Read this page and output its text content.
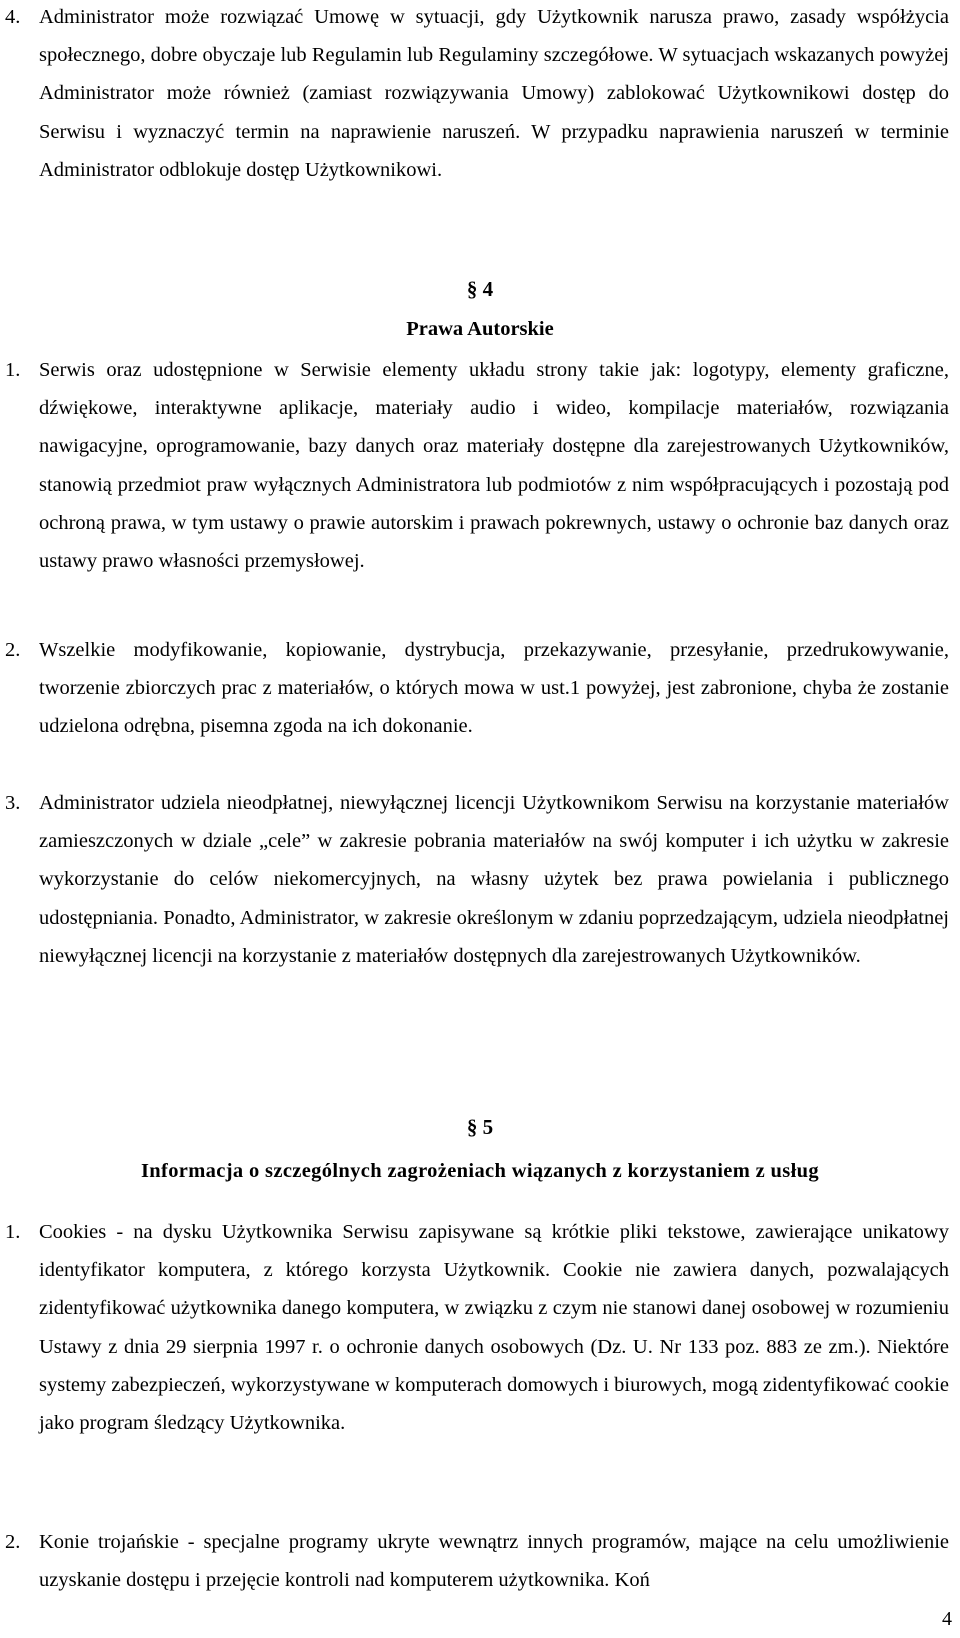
4. Administrator może rozwiązać Umowę w sytuacji, gdy Użytkownik narusza prawo, zasady współżycia społecznego, dobre obyczaje lub Regulamin lub Regulaminy szczegółowe. W sytuacjach wskazanych powyżej Administrator może również (zamiast rozwiązywania Umowy) zablokować Użytkownikowi dostęp do Serwisu i wyznaczyć termin na naprawienie naruszeń. W przypadku naprawienia naruszeń w terminie Administrator odblokuje dostęp Użytkownikowi.

§ 4
Prawa Autorskie

1. Serwis oraz udostępnione w Serwisie elementy układu strony takie jak: logotypy, elementy graficzne, dźwiękowe, interaktywne aplikacje, materiały audio i wideo, kompilacje materiałów, rozwiązania nawigacyjne, oprogramowanie, bazy danych oraz materiały dostępne dla zarejestrowanych Użytkowników, stanowią przedmiot praw wyłącznych Administratora lub podmiotów z nim współpracujących i pozostają pod ochroną prawa, w tym ustawy o prawie autorskim i prawach pokrewnych, ustawy o ochronie baz danych oraz ustawy prawo własności przemysłowej.

2. Wszelkie modyfikowanie, kopiowanie, dystrybucja, przekazywanie, przesyłanie, przedrukowywanie, tworzenie zbiorczych prac z materiałów, o których mowa w ust.1 powyżej, jest zabronione, chyba że zostanie udzielona odrębna, pisemna zgoda na ich dokonanie.

3. Administrator udziela nieodpłatnej, niewyłącznej licencji Użytkownikom Serwisu na korzystanie materiałów zamieszczonych w dziale „cele” w zakresie pobrania materiałów na swój komputer i ich użytku w zakresie wykorzystanie do celów niekomercyjnych, na własny użytek bez prawa powielania i publicznego udostępniania. Ponadto, Administrator, w zakresie określonym w zdaniu poprzedzającym, udziela nieodpłatnej niewyłącznej licencji na korzystanie z materiałów dostępnych dla zarejestrowanych Użytkowników.

§ 5
Informacja o szczególnych zagrożeniach wiązanych z korzystaniem z usług

1. Cookies - na dysku Użytkownika Serwisu zapisywane są krótkie pliki tekstowe, zawierające unikatowy identyfikator komputera, z którego korzysta Użytkownik. Cookie nie zawiera danych, pozwalających zidentyfikować użytkownika danego komputera, w związku z czym nie stanowi danej osobowej w rozumieniu Ustawy z dnia 29 sierpnia 1997 r. o ochronie danych osobowych (Dz. U. Nr 133 poz. 883 ze zm.). Niektóre systemy zabezpieczeń, wykorzystywane w komputerach domowych i biurowych, mogą zidentyfikować cookie jako program śledzący Użytkownika.

2. Konie trojańskie - specjalne programy ukryte wewnątrz innych programów, mające na celu umożliwienie uzyskanie dostępu i przejęcie kontroli nad komputerem użytkownika. Koń

4
